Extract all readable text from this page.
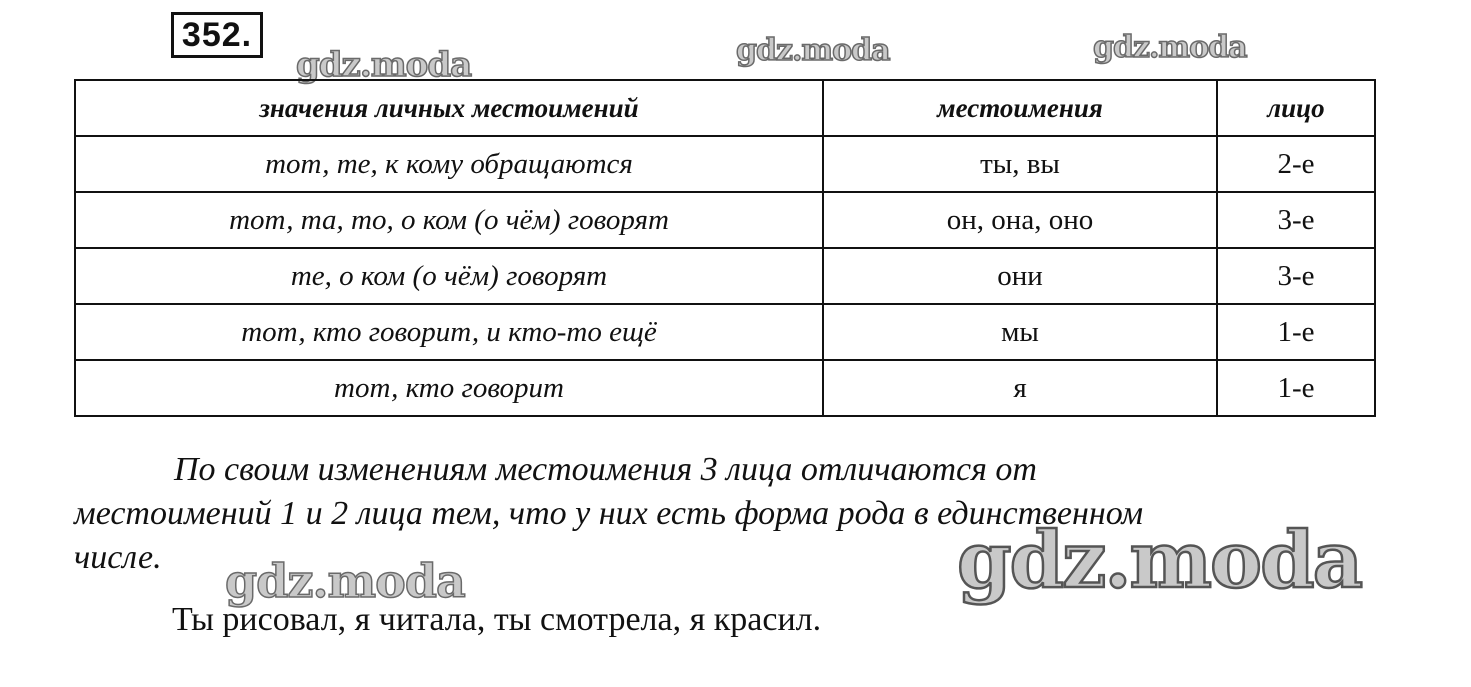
352.
gdz.moda	gdz.moda	gdz.moda
значения личных местоимений	местоимения	лицо
тот, те, к кому обращаются	ты, вы	2-е
тот, та, то, о ком (о чём) говорят	он, она, оно	3-е
те, о ком (о чём) говорят	они	3-е
тот, кто говорит, и кто-то ещё	мы	1-е
тот, кто говорит	я	1-е
По своим изменениям местоимения 3 лица отличаются от
местоимений 1 и 2 лица тем, что у них есть форма рода в единственном
числе.
Ты рисовал, я читала, ты смотрела, я красил.
gdz.moda	gdz.moda
